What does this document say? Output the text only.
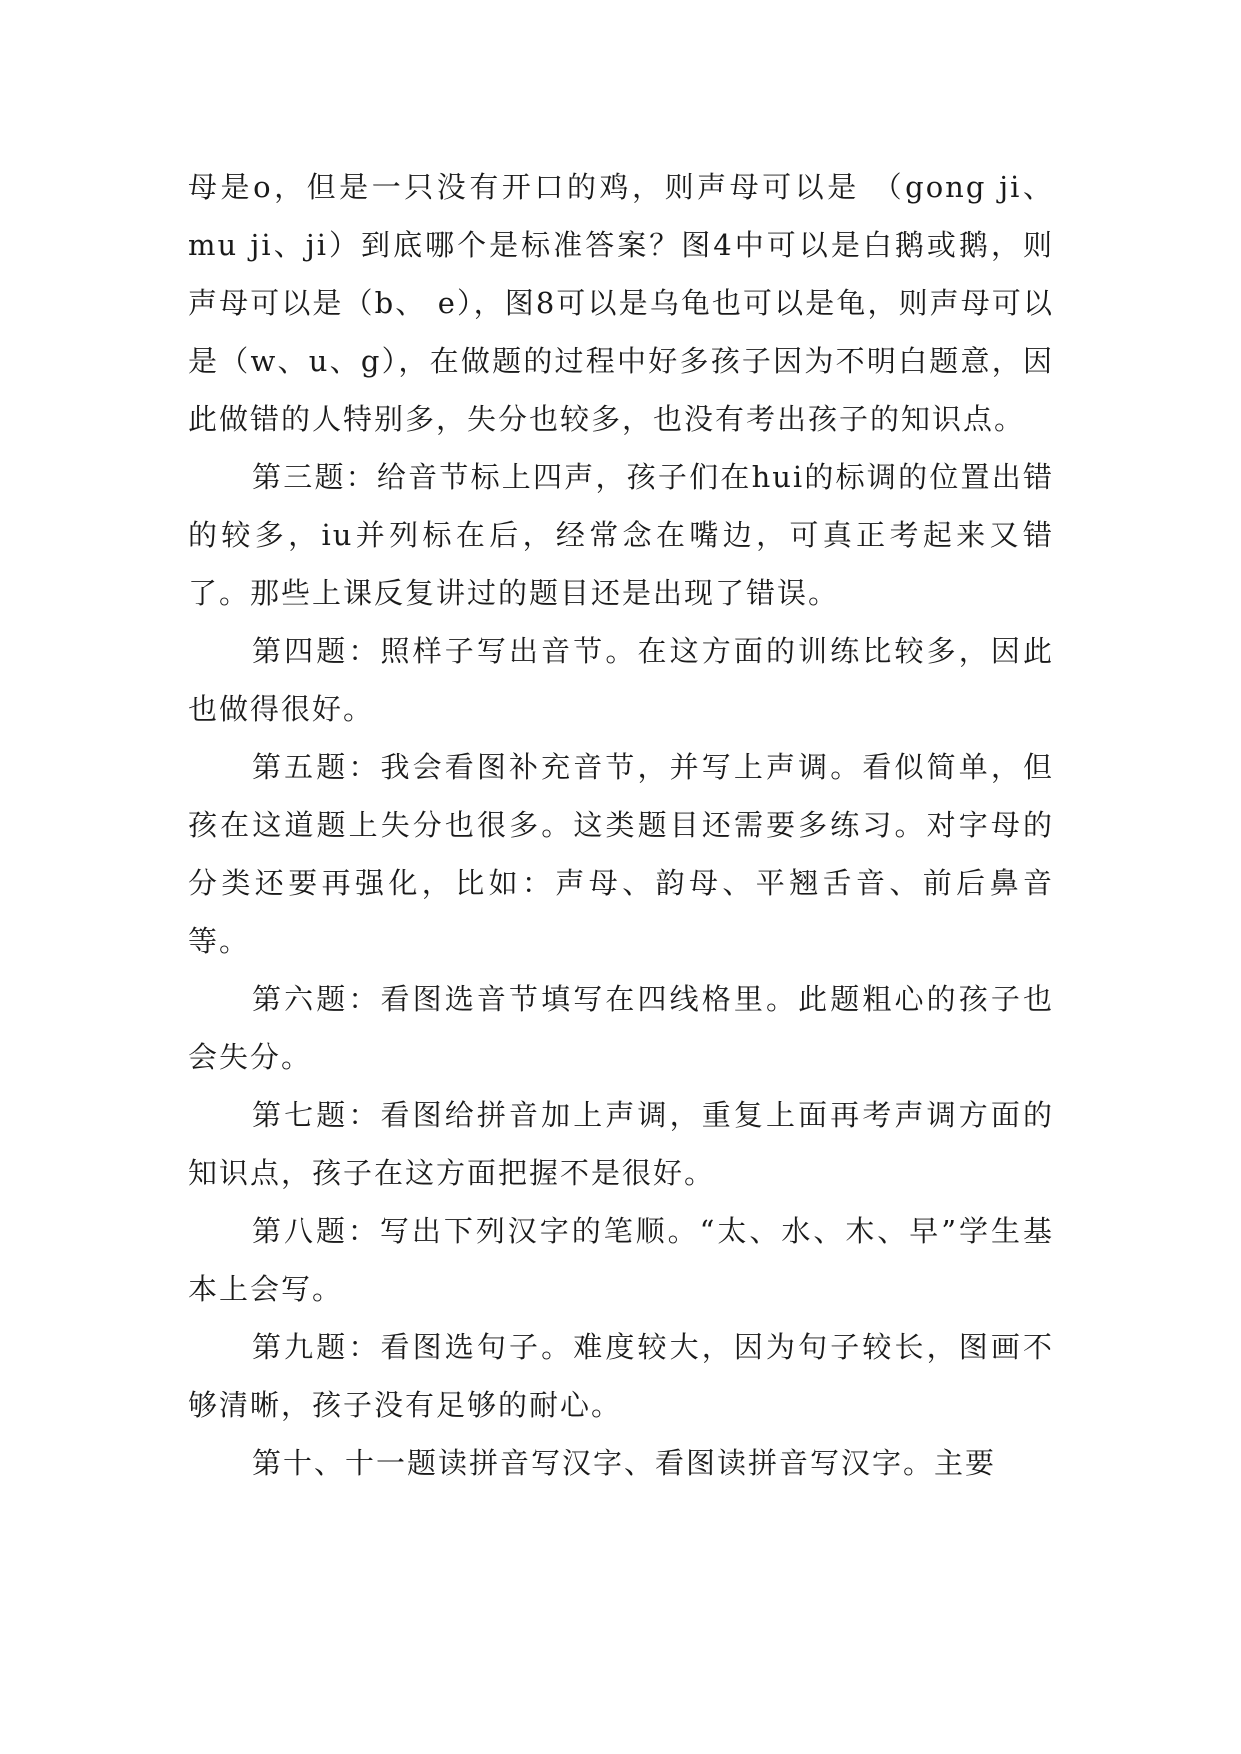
母是o，但是一只没有开口的鸡，则声母可以是 （gong ji、mu ji、ji）到底哪个是标准答案？图4中可以是白鹅或鹅，则声母可以是（b、 e），图8可以是乌龟也可以是龟，则声母可以是（w、u、g），在做题的过程中好多孩子因为不明白题意，因此做错的人特别多，失分也较多，也没有考出孩子的知识点。

第三题：给音节标上四声，孩子们在hui的标调的位置出错的较多，iu并列标在后，经常念在嘴边，可真正考起来又错了。那些上课反复讲过的题目还是出现了错误。

第四题：照样子写出音节。在这方面的训练比较多，因此也做得很好。

第五题：我会看图补充音节，并写上声调。看似简单，但孩在这道题上失分也很多。这类题目还需要多练习。对字母的分类还要再强化，比如：声母、韵母、平翘舌音、前后鼻音等。

第六题：看图选音节填写在四线格里。此题粗心的孩子也会失分。

第七题：看图给拼音加上声调，重复上面再考声调方面的知识点，孩子在这方面把握不是很好。

第八题：写出下列汉字的笔顺。“太、水、木、早”学生基本上会写。

第九题：看图选句子。难度较大，因为句子较长，图画不够清晰，孩子没有足够的耐心。

第十、十一题读拼音写汉字、看图读拼音写汉字。主要
